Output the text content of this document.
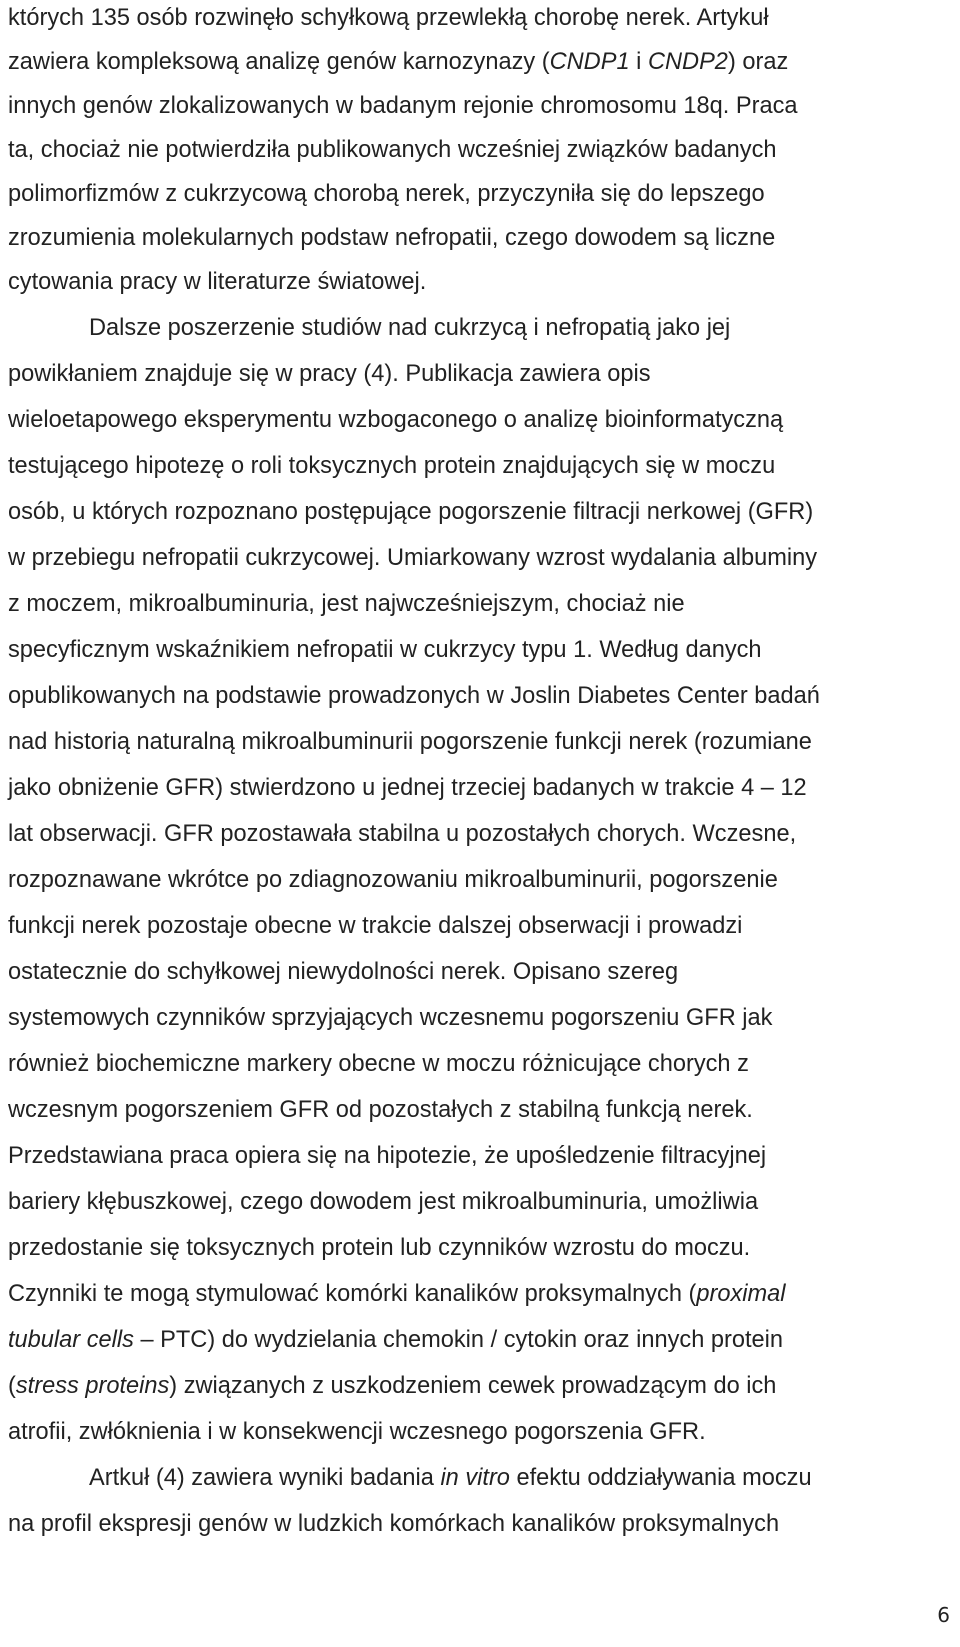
których 135 osób rozwinęło schyłkową przewlekłą chorobę nerek. Artykuł
zawiera kompleksową analizę genów karnozynazy (CNDP1 i CNDP2) oraz
innych genów zlokalizowanych w badanym rejonie chromosomu 18q. Praca
ta, chociaż nie potwierdziła publikowanych wcześniej związków badanych
polimorfizmów z cukrzycową chorobą nerek, przyczyniła się do lepszego
zrozumienia molekularnych podstaw nefropatii, czego dowodem są liczne
cytowania pracy w literaturze światowej.
Dalsze poszerzenie studiów nad cukrzycą i nefropatią jako jej
powikłaniem znajduje się w pracy (4). Publikacja zawiera opis
wieloetapowego eksperymentu wzbogaconego o analizę bioinformatyczną
testującego hipotezę o roli toksycznych protein znajdujących się w moczu
osób, u których rozpoznano postępujące pogorszenie filtracji nerkowej (GFR)
w przebiegu nefropatii cukrzycowej. Umiarkowany wzrost wydalania albuminy
z moczem, mikroalbuminuria, jest najwcześniejszym, chociaż nie
specyficznym wskaźnikiem nefropatii w cukrzycy typu 1. Według danych
opublikowanych na podstawie prowadzonych w Joslin Diabetes Center badań
nad historią naturalną mikroalbuminurii pogorszenie funkcji nerek (rozumiane
jako obniżenie GFR) stwierdzono u jednej trzeciej badanych w trakcie 4 – 12
lat obserwacji. GFR pozostawała stabilna u pozostałych chorych. Wczesne,
rozpoznawane wkrótce po zdiagnozowaniu mikroalbuminurii, pogorszenie
funkcji nerek pozostaje obecne w trakcie dalszej obserwacji i prowadzi
ostatecznie do schyłkowej niewydolności nerek. Opisano szereg
systemowych czynników sprzyjających wczesnemu pogorszeniu GFR jak
również biochemiczne markery obecne w moczu różnicujące chorych z
wczesnym pogorszeniem GFR od pozostałych z stabilną funkcją nerek.
Przedstawiana praca opiera się na hipotezie, że upośledzenie filtracyjnej
bariery kłębuszkowej, czego dowodem jest mikroalbuminuria, umożliwia
przedostanie się toksycznych protein lub czynników wzrostu do moczu.
Czynniki te mogą stymulować komórki kanalików proksymalnych (proximal
tubular cells – PTC) do wydzielania chemokin / cytokin oraz innych protein
(stress proteins) związanych z uszkodzeniem cewek prowadzącym do ich
atrofii, zwłóknienia i w konsekwencji wczesnego pogorszenia GFR.
Artkuł (4) zawiera wyniki badania in vitro efektu oddziaływania moczu
na profil ekspresji genów w ludzkich komórkach kanalików proksymalnych
6
